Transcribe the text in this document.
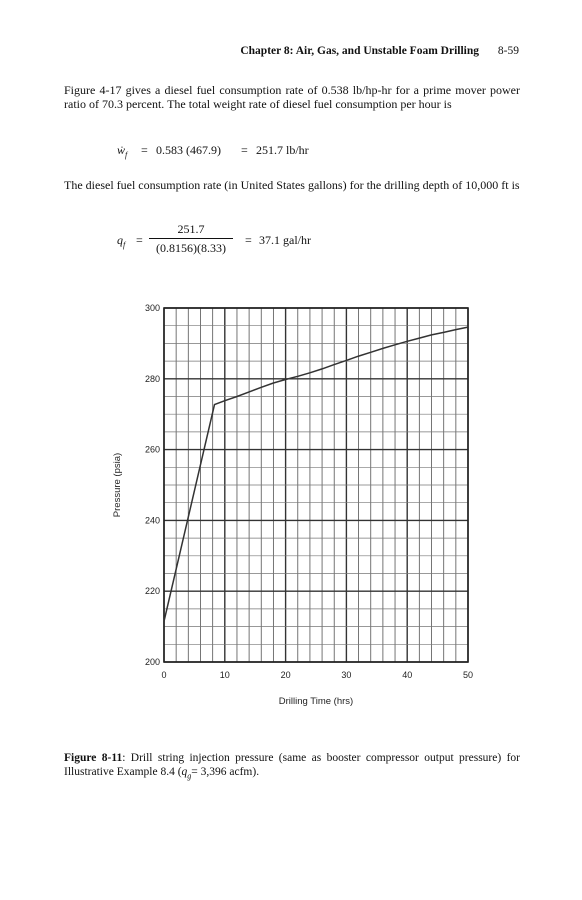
Chapter 8: Air, Gas, and Unstable Foam Drilling 8-59

Figure 4-17 gives a diesel fuel consumption rate of 0.538 lb/hp-hr for a prime mover power ratio of 70.3 percent. The total weight rate of diesel fuel consumption per hour is

ẇ$_f$ = 0.583 (467.9) = 251.7 lb/hr

The diesel fuel consumption rate (in United States gallons) for the drilling depth of 10,000 ft is

$q_f$ =
251.7
(0.8156)(8.33)
= 37.1 gal/hr
0	10	20	30	40	50
200
220
240
260
280
300
Drilling Time (hrs)
Pressure (psia)

Figure 8-11: Drill string injection pressure (same as booster compressor output pressure) for Illustrative Example 8.4 ($q_g= 3,396$ acfm).
